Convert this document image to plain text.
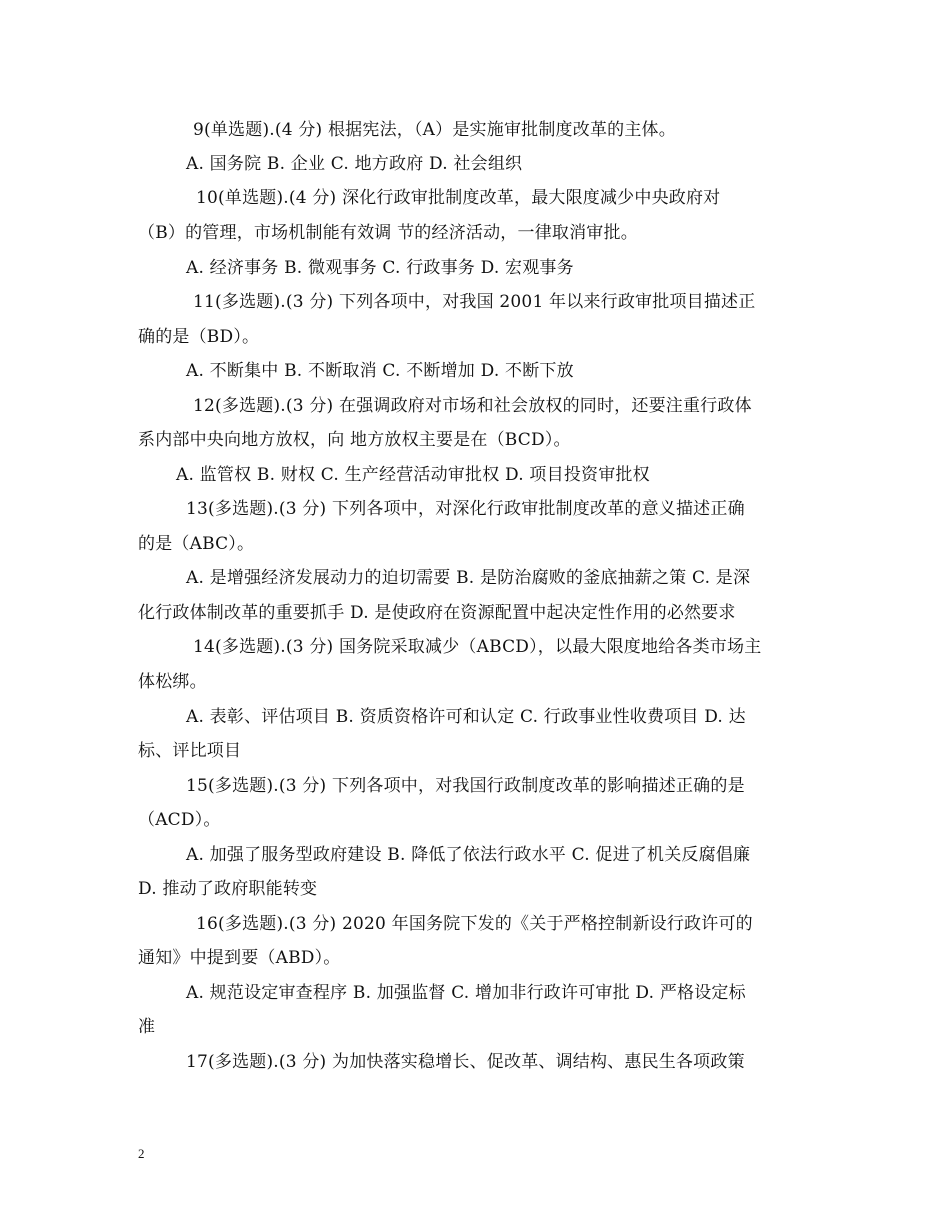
9(单选题).(4 分) 根据宪法，（A）是实施审批制度改革的主体。
A. 国务院 B. 企业 C. 地方政府 D. 社会组织
10(单选题).(4 分) 深化行政审批制度改革，最大限度减少中央政府对
（B）的管理，市场机制能有效调 节的经济活动，一律取消审批。
A. 经济事务 B. 微观事务 C. 行政事务 D. 宏观事务
11(多选题).(3 分) 下列各项中，对我国 2001 年以来行政审批项目描述正
确的是（BD）。
A. 不断集中 B. 不断取消 C. 不断增加 D. 不断下放
12(多选题).(3 分) 在强调政府对市场和社会放权的同时，还要注重行政体
系内部中央向地方放权，向 地方放权主要是在（BCD）。
A. 监管权 B. 财权 C. 生产经营活动审批权 D. 项目投资审批权
13(多选题).(3 分) 下列各项中，对深化行政审批制度改革的意义描述正确
的是（ABC）。
A. 是增强经济发展动力的迫切需要 B. 是防治腐败的釜底抽薪之策 C. 是深
化行政体制改革的重要抓手 D. 是使政府在资源配置中起决定性作用的必然要求
14(多选题).(3 分) 国务院采取减少（ABCD），以最大限度地给各类市场主
体松绑。
A. 表彰、评估项目 B. 资质资格许可和认定 C. 行政事业性收费项目 D. 达
标、评比项目
15(多选题).(3 分) 下列各项中，对我国行政制度改革的影响描述正确的是
（ACD）。
A. 加强了服务型政府建设 B. 降低了依法行政水平 C. 促进了机关反腐倡廉
D. 推动了政府职能转变
16(多选题).(3 分) 2020 年国务院下发的《关于严格控制新设行政许可的
通知》中提到要（ABD）。
A. 规范设定审查程序 B. 加强监督 C. 增加非行政许可审批 D. 严格设定标
准
17(多选题).(3 分) 为加快落实稳增长、促改革、调结构、惠民生各项政策
2
